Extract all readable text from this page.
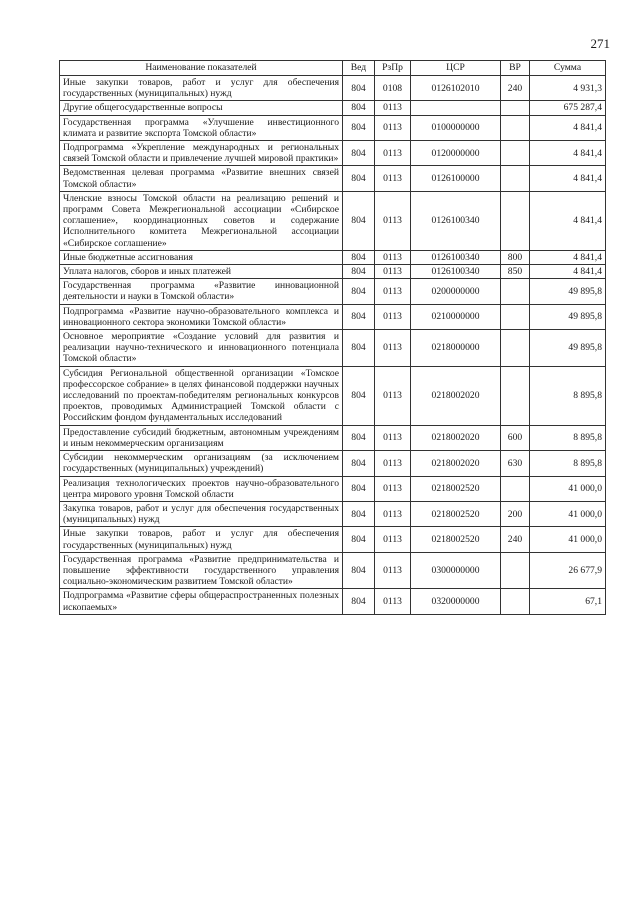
271
Наименование показателей	Вед	РзПр	ЦСР	ВР	Сумма
Иные закупки товаров, работ и услуг для обеспечения государственных (муниципальных) нужд	804	0108	0126102010	240	4 931,3
Другие общегосударственные вопросы	804	0113			675 287,4
Государственная программа «Улучшение инвестиционного климата и развитие экспорта Томской области»	804	0113	0100000000		4 841,4
Подпрограмма «Укрепление международных и региональных связей Томской области и привлечение лучшей мировой практики»	804	0113	0120000000		4 841,4
Ведомственная целевая программа «Развитие внешних связей Томской области»	804	0113	0126100000		4 841,4
Членские взносы Томской области на реализацию решений и программ Совета Межрегиональной ассоциации «Сибирское соглашение», координационных советов и содержание Исполнительного комитета Межрегиональной ассоциации «Сибирское соглашение»	804	0113	0126100340		4 841,4
Иные бюджетные ассигнования	804	0113	0126100340	800	4 841,4
Уплата налогов, сборов и иных платежей	804	0113	0126100340	850	4 841,4
Государственная программа «Развитие инновационной деятельности и науки в Томской области»	804	0113	0200000000		49 895,8
Подпрограмма «Развитие научно-образовательного комплекса и инновационного сектора экономики Томской области»	804	0113	0210000000		49 895,8
Основное мероприятие «Создание условий для развития и реализации научно-технического и инновационного потенциала Томской области»	804	0113	0218000000		49 895,8
Субсидия Региональной общественной организации «Томское профессорское собрание» в целях финансовой поддержки научных исследований по проектам-победителям региональных конкурсов проектов, проводимых Администрацией Томской области с Российским фондом фундаментальных исследований	804	0113	0218002020		8 895,8
Предоставление субсидий бюджетным, автономным учреждениям и иным некоммерческим организациям	804	0113	0218002020	600	8 895,8
Субсидии некоммерческим организациям (за исключением государственных (муниципальных) учреждений)	804	0113	0218002020	630	8 895,8
Реализация технологических проектов научно-образовательного центра мирового уровня Томской области	804	0113	0218002520		41 000,0
Закупка товаров, работ и услуг для обеспечения государственных (муниципальных) нужд	804	0113	0218002520	200	41 000,0
Иные закупки товаров, работ и услуг для обеспечения государственных (муниципальных) нужд	804	0113	0218002520	240	41 000,0
Государственная программа «Развитие предпринимательства и повышение эффективности государственного управления социально-экономическим развитием Томской области»	804	0113	0300000000		26 677,9
Подпрограмма «Развитие сферы общераспространенных полезных ископаемых»	804	0113	0320000000		67,1
